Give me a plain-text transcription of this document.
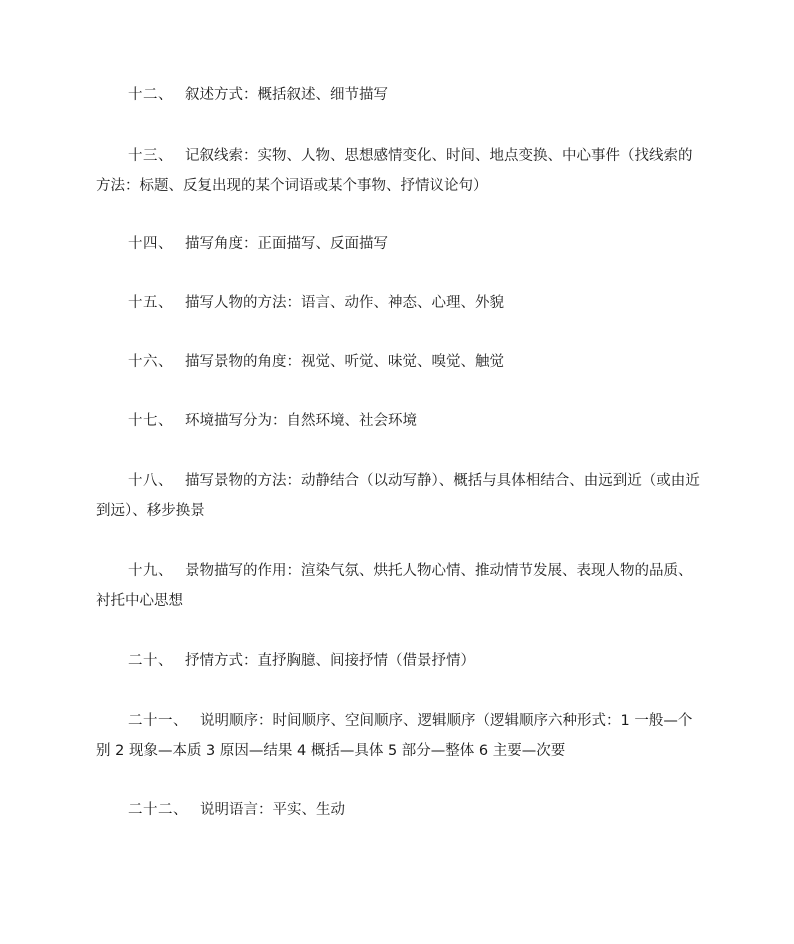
十二、 叙述方式：概括叙述、细节描写
十三、 记叙线索：实物、人物、思想感情变化、时间、地点变换、中心事件（找线索的方法：标题、反复出现的某个词语或某个事物、抒情议论句）
十四、 描写角度：正面描写、反面描写
十五、 描写人物的方法：语言、动作、神态、心理、外貌
十六、 描写景物的角度：视觉、听觉、味觉、嗅觉、触觉
十七、 环境描写分为：自然环境、社会环境
十八、 描写景物的方法：动静结合（以动写静）、概括与具体相结合、由远到近（或由近到远）、移步换景
十九、 景物描写的作用：渲染气氛、烘托人物心情、推动情节发展、表现人物的品质、衬托中心思想
二十、 抒情方式：直抒胸臆、间接抒情（借景抒情）
二十一、 说明顺序：时间顺序、空间顺序、逻辑顺序（逻辑顺序六种形式：1 一般—个别 2 现象—本质 3 原因—结果 4 概括—具体 5 部分—整体 6 主要—次要
二十二、 说明语言：平实、生动
